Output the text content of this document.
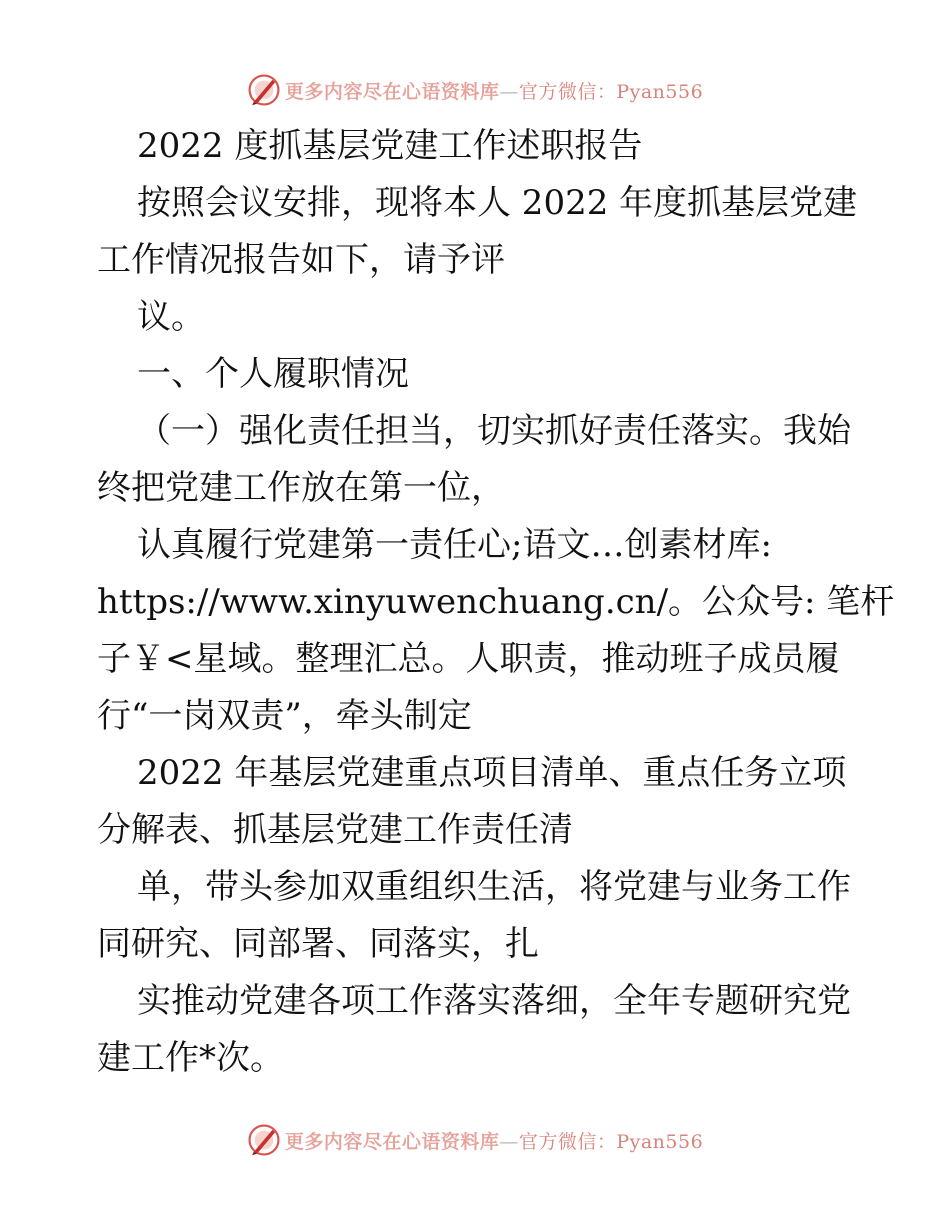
更多内容尽在心语资料库—官方微信：Pyan556

2022 度抓基层党建工作述职报告

按照会议安排，现将本人 2022 年度抓基层党建

工作情况报告如下，请予评

议。

一、个人履职情况

（一）强化责任担当，切实抓好责任落实。我始

终把党建工作放在第一位，

认真履行党建第一责任心;语文…创素材库:

https://www.xinyuwenchuang.cn/。公众号: 笔杆

子￥<星域。整理汇总。人职责，推动班子成员履

行“一岗双责”，牵头制定

2022 年基层党建重点项目清单、重点任务立项

分解表、抓基层党建工作责任清

单，带头参加双重组织生活，将党建与业务工作

同研究、同部署、同落实，扎

实推动党建各项工作落实落细，全年专题研究党

建工作*次。

更多内容尽在心语资料库—官方微信：Pyan556
